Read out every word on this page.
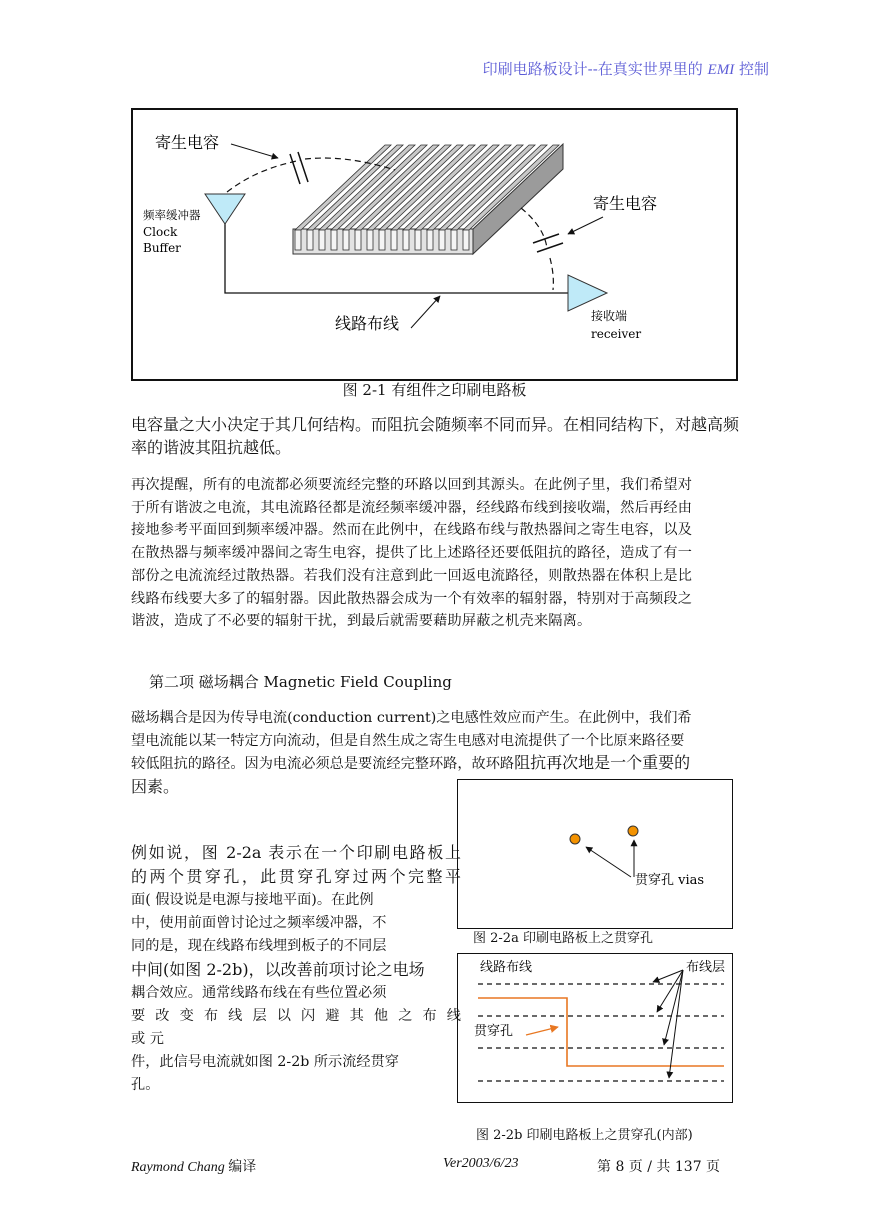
印刷电路板设计--在真实世界里的 EMI 控制
寄生电容
寄生电容
频率缓冲器
Clock
Buffer
线路布线	接收端
receiver
图 2-1 有组件之印刷电路板
电容量之大小决定于其几何结构。而阻抗会随频率不同而异。在相同结构下，对越高频率的谐波其阻抗越低。
再次提醒，所有的电流都必须要流经完整的环路以回到其源头。在此例子里，我们希望对于所有谐波之电流，其电流路径都是流经频率缓冲器，经线路布线到接收端，然后再经由接地参考平面回到频率缓冲器。然而在此例中，在线路布线与散热器间之寄生电容，以及在散热器与频率缓冲器间之寄生电容，提供了比上述路径还要低阻抗的路径，造成了有一部份之电流流经过散热器。若我们没有注意到此一回返电流路径，则散热器在体积上是比线路布线要大多了的辐射器。因此散热器会成为一个有效率的辐射器，特别对于高频段之谐波，造成了不必要的辐射干扰，到最后就需要藉助屏蔽之机壳来隔离。
第二项 磁场耦合 Magnetic Field Coupling
磁场耦合是因为传导电流(conduction current)之电感性效应而产生。在此例中，我们希望电流能以某一特定方向流动，但是自然生成之寄生电感对电流提供了一个比原来路径要较低阻抗的路径。因为电流必须总是要流经完整环路，故环路阻抗再次地是一个重要的因素。
例如说，图 2-2a 表示在一个印刷电路板上
的两个贯穿孔，此贯穿孔穿过两个完整平
面( 假设说是电源与接地平面)。在此例
中，使用前面曾讨论过之频率缓冲器，不
同的是，现在线路布线埋到板子的不同层
中间(如图 2-2b)，以改善前项讨论之电场
耦合效应。通常线路布线在有些位置必须
要 改 变 布 线 层 以 闪 避 其 他 之 布 线
或 元
件，此信号电流就如图 2-2b 所示流经贯穿
孔。
贯穿孔 vias
图 2-2a 印刷电路板上之贯穿孔
线路布线	布线层
贯穿孔
图 2-2b 印刷电路板上之贯穿孔(内部)
Raymond Chang 编译	Ver2003/6/23	第 8 页 / 共 137 页
